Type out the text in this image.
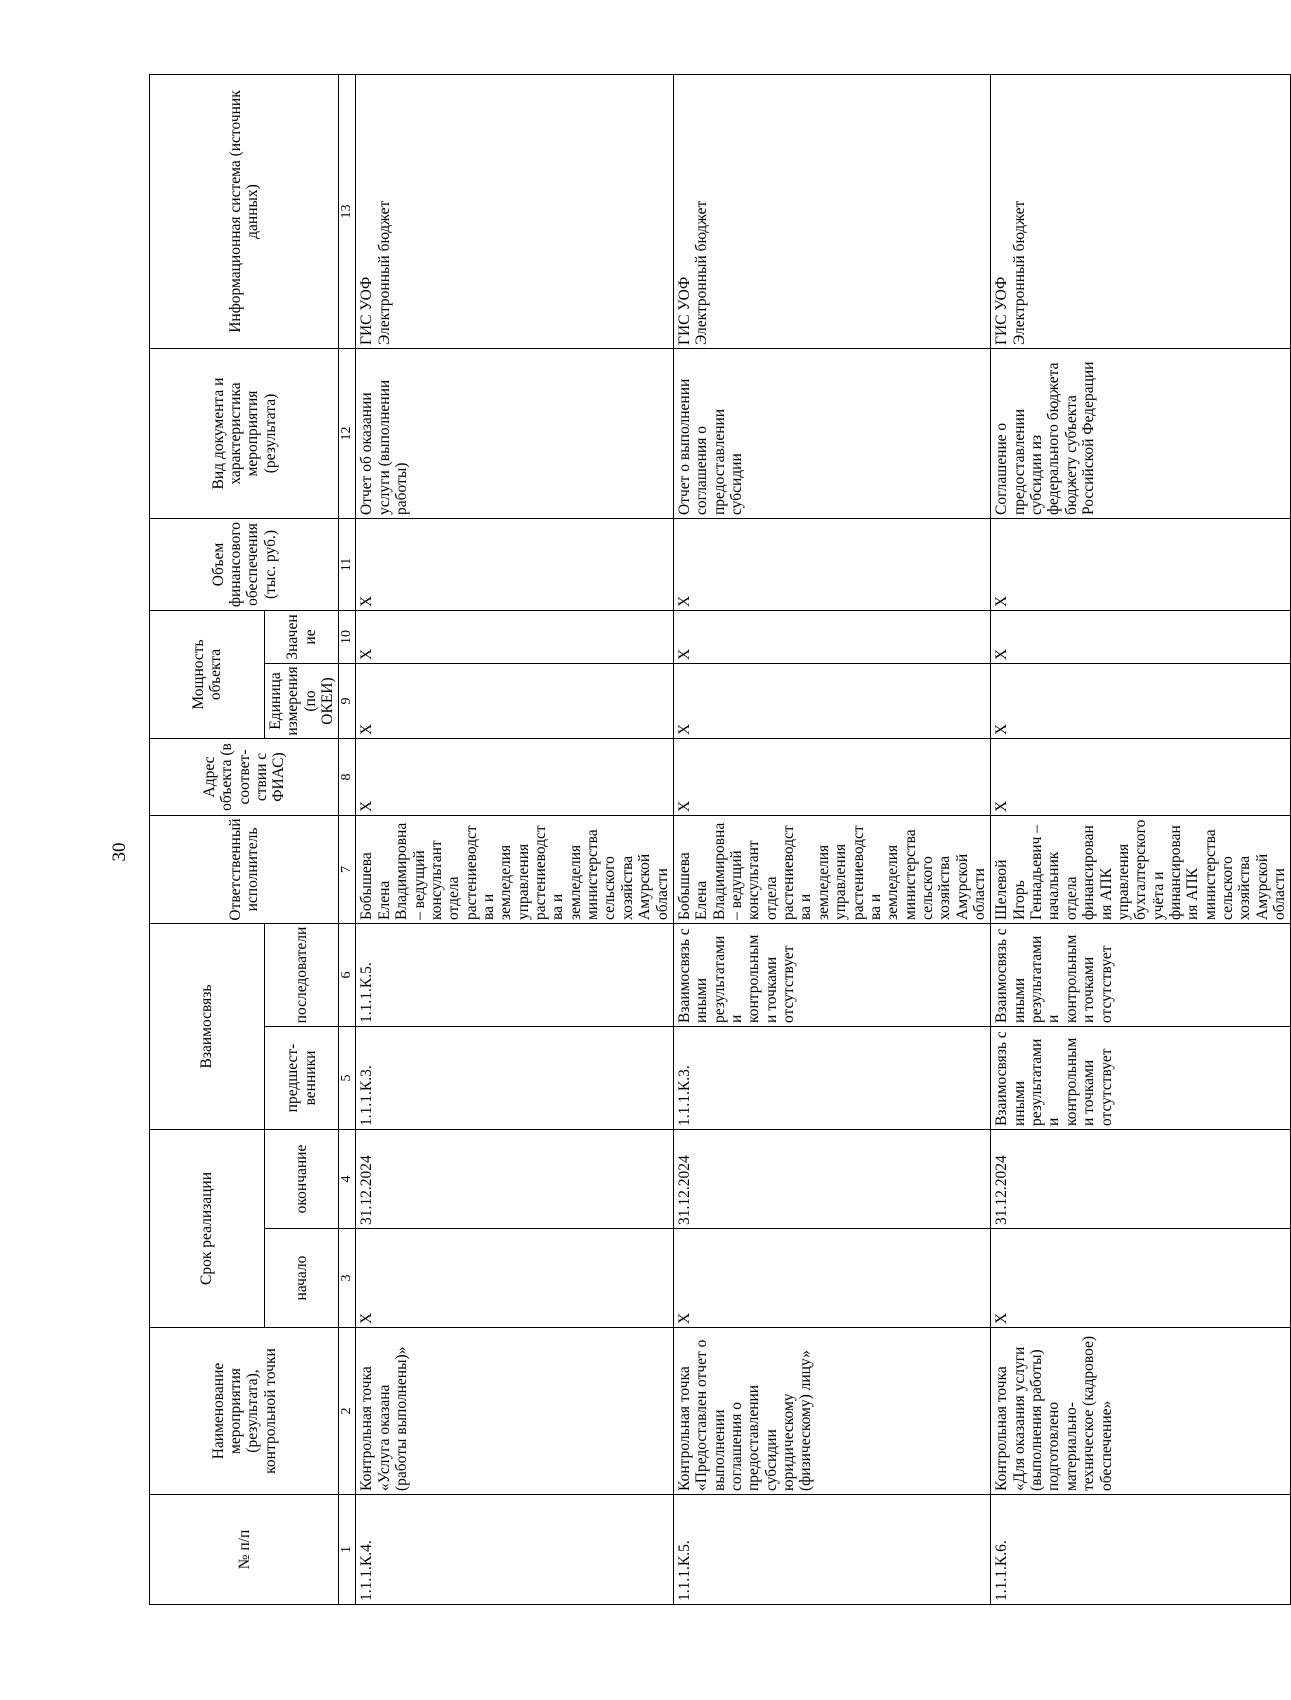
30
№ п/п	Наименование мероприятия (результата), контрольной точки	Срок реализации		Взаимосвязь		Ответственный исполнитель	Адрес объекта (в соответ-ствии с ФИАС)	Мощность объекта		Объем финансового обеспечения (тыс. руб.)	Вид документа и характеристика мероприятия (результата)	Информационная система (источник данных)
		начало	окончание	предшест-венники	последователи			Единица измерения (по ОКЕИ)	Значение			
1	2	3	4	5	6	7	8	9	10	11	12	13
1.1.1.К.4.	Контрольная точка «Услуга оказана (работы выполнены)»	X	31.12.2024	1.1.1.К.3.	1.1.1.К.5.	Бобышева Елена Владимировна – ведущий консультант отдела растениеводства и земледелия управления растениеводства и земледелия министерства сельского хозяйства Амурской области	X	X	X	X	Отчет об оказании услуги (выполнении работы)	ГИС УОФ
Электронный бюджет
1.1.1.К.5.	Контрольная точка «Предоставлен отчет о выполнении соглашения о предоставлении субсидии юридическому (физическому) лицу»	X	31.12.2024	1.1.1.К.3.	Взаимосвязь с иными результатами и контрольными точками отсутствует	Бобышева Елена Владимировна – ведущий консультант отдела растениеводства и земледелия управления растениеводства и земледелия министерства сельского хозяйства Амурской области	X	X	X	X	Отчет о выполнении соглашения о предоставлении субсидии	ГИС УОФ
Электронный бюджет
1.1.1.К.6.	Контрольная точка «Для оказания услуги (выполнения работы) подготовлено материально-техническое (кадровое) обеспечение»	X	31.12.2024	Взаимосвязь с иными результатами и контрольными точками отсутствует	Взаимосвязь с иными результатами и контрольными точками отсутствует	Шелевой Игорь Геннадьевич – начальник отдела финансирования АПК управления бухгалтерского учёта и финансирования АПК министерства сельского хозяйства Амурской области	X	X	X	X	Соглашение о предоставлении субсидии из федерального бюджета бюджету субъекта Российской Федерации	ГИС УОФ
Электронный бюджет
